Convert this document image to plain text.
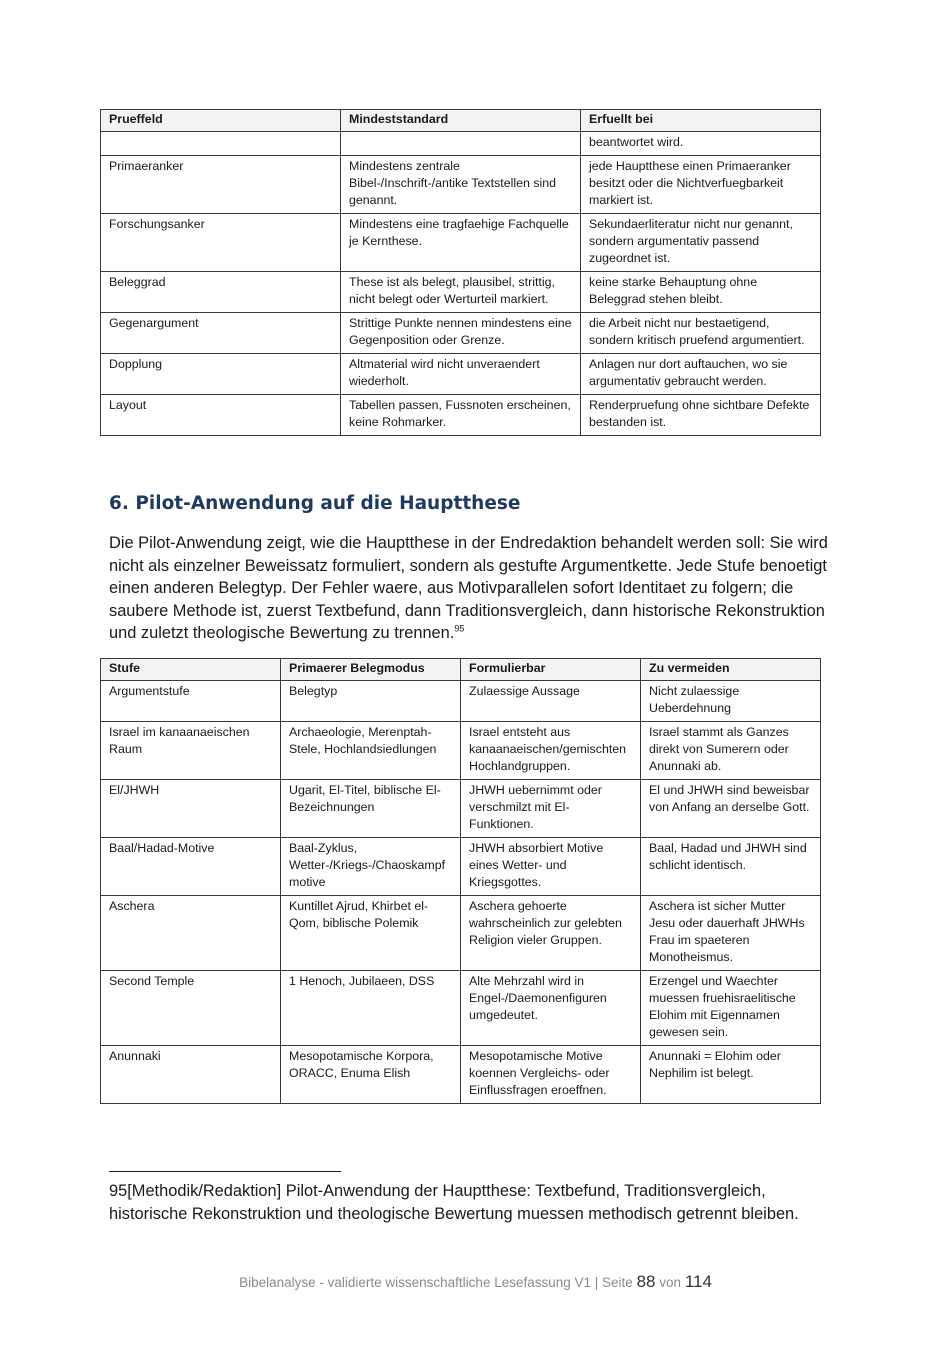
Prueffeld	Mindeststandard	Erfuellt bei
		beantwortet wird.
Primaeranker	Mindestens zentrale Bibel-/Inschrift-/antike Textstellen sind genannt.	jede Hauptthese einen Primaeranker besitzt oder die Nichtverfuegbarkeit markiert ist.
Forschungsanker	Mindestens eine tragfaehige Fachquelle je Kernthese.	Sekundaerliteratur nicht nur genannt, sondern argumentativ passend zugeordnet ist.
Beleggrad	These ist als belegt, plausibel, strittig, nicht belegt oder Werturteil markiert.	keine starke Behauptung ohne Beleggrad stehen bleibt.
Gegenargument	Strittige Punkte nennen mindestens eine Gegenposition oder Grenze.	die Arbeit nicht nur bestaetigend, sondern kritisch pruefend argumentiert.
Dopplung	Altmaterial wird nicht unveraendert wiederholt.	Anlagen nur dort auftauchen, wo sie argumentativ gebraucht werden.
Layout	Tabellen passen, Fussnoten erscheinen, keine Rohmarker.	Renderpruefung ohne sichtbare Defekte bestanden ist.
6. Pilot-Anwendung auf die Hauptthese

Die Pilot-Anwendung zeigt, wie die Hauptthese in der Endredaktion behandelt werden soll: Sie wird nicht als einzelner Beweissatz formuliert, sondern als gestufte Argumentkette. Jede Stufe benoetigt einen anderen Belegtyp. Der Fehler waere, aus Motivparallelen sofort Identitaet zu folgern; die saubere Methode ist, zuerst Textbefund, dann Traditionsvergleich, dann historische Rekonstruktion und zuletzt theologische Bewertung zu trennen.$^{95}$

Stufe	Primaerer Belegmodus	Formulierbar	Zu vermeiden
Argumentstufe	Belegtyp	Zulaessige Aussage	Nicht zulaessige Ueberdehnung
Israel im kanaanaeischen Raum	Archaeologie, Merenptah-Stele, Hochlandsiedlungen	Israel entsteht aus kanaanaeischen/gemischten Hochlandgruppen.	Israel stammt als Ganzes direkt von Sumerern oder Anunnaki ab.
El/JHWH	Ugarit, El-Titel, biblische El-Bezeichnungen	JHWH uebernimmt oder verschmilzt mit El-Funktionen.	El und JHWH sind beweisbar von Anfang an derselbe Gott.
Baal/Hadad-Motive	Baal-Zyklus, Wetter-/Kriegs-/Chaoskampf motive	JHWH absorbiert Motive eines Wetter- und Kriegsgottes.	Baal, Hadad und JHWH sind schlicht identisch.
Aschera	Kuntillet Ajrud, Khirbet el-Qom, biblische Polemik	Aschera gehoerte wahrscheinlich zur gelebten Religion vieler Gruppen.	Aschera ist sicher Mutter Jesu oder dauerhaft JHWHs Frau im spaeteren Monotheismus.
Second Temple	1 Henoch, Jubilaeen, DSS	Alte Mehrzahl wird in Engel-/Daemonenfiguren umgedeutet.	Erzengel und Waechter muessen fruehisraelitische Elohim mit Eigennamen gewesen sein.
Anunnaki	Mesopotamische Korpora, ORACC, Enuma Elish	Mesopotamische Motive koennen Vergleichs- oder Einflussfragen eroeffnen.	Anunnaki = Elohim oder Nephilim ist belegt.

95[Methodik/Redaktion] Pilot-Anwendung der Hauptthese: Textbefund, Traditionsvergleich, historische Rekonstruktion und theologische Bewertung muessen methodisch getrennt bleiben.

Bibelanalyse - validierte wissenschaftliche Lesefassung V1 | Seite 88 von 114
